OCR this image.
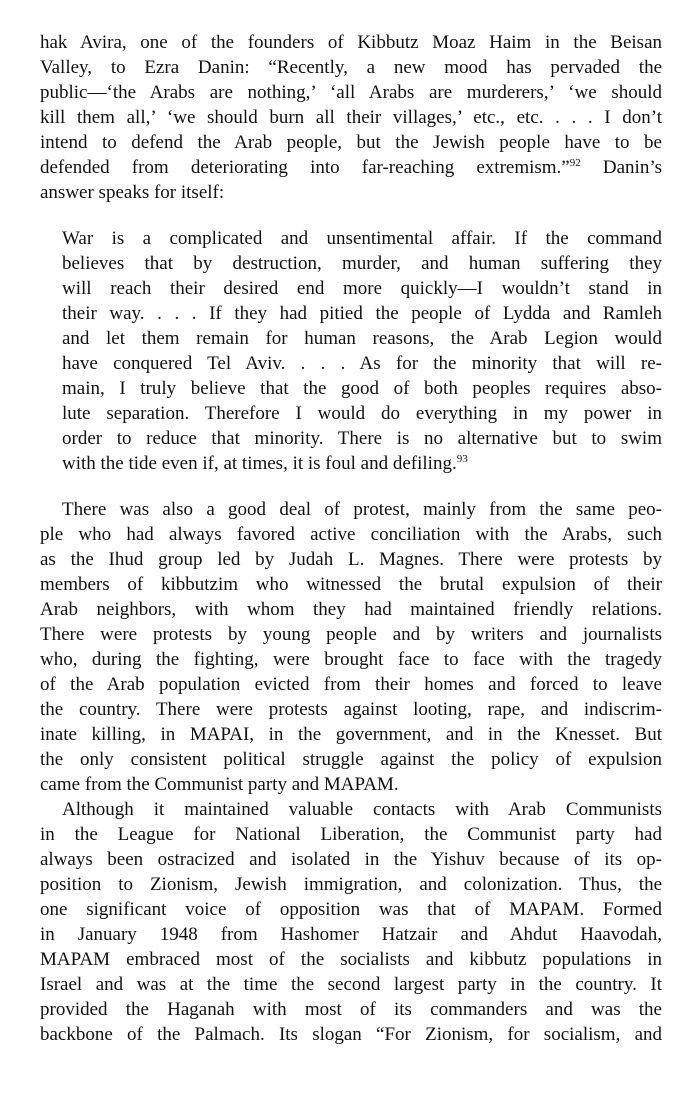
hak Avira, one of the founders of Kibbutz Moaz Haim in the Beisan
Valley, to Ezra Danin: “Recently, a new mood has pervaded the
public—‘the Arabs are nothing,’ ‘all Arabs are murderers,’ ‘we should
kill them all,’ ‘we should burn all their villages,’ etc., etc. . . . I don’t
intend to defend the Arab people, but the Jewish people have to be
defended from deteriorating into far-reaching extremism.”$^{92}$ Danin’s
answer speaks for itself:
War is a complicated and unsentimental affair. If the command
believes that by destruction, murder, and human suffering they
will reach their desired end more quickly—I wouldn’t stand in
their way. . . . If they had pitied the people of Lydda and Ramleh
and let them remain for human reasons, the Arab Legion would
have conquered Tel Aviv. . . . As for the minority that will re-
main, I truly believe that the good of both peoples requires abso-
lute separation. Therefore I would do everything in my power in
order to reduce that minority. There is no alternative but to swim
with the tide even if, at times, it is foul and defiling.$^{93}$
There was also a good deal of protest, mainly from the same peo-
ple who had always favored active conciliation with the Arabs, such
as the Ihud group led by Judah L. Magnes. There were protests by
members of kibbutzim who witnessed the brutal expulsion of their
Arab neighbors, with whom they had maintained friendly relations.
There were protests by young people and by writers and journalists
who, during the fighting, were brought face to face with the tragedy
of the Arab population evicted from their homes and forced to leave
the country. There were protests against looting, rape, and indiscrim-
inate killing, in MAPAI, in the government, and in the Knesset. But
the only consistent political struggle against the policy of expulsion
came from the Communist party and MAPAM.
Although it maintained valuable contacts with Arab Communists
in the League for National Liberation, the Communist party had
always been ostracized and isolated in the Yishuv because of its op-
position to Zionism, Jewish immigration, and colonization. Thus, the
one significant voice of opposition was that of MAPAM. Formed
in January 1948 from Hashomer Hatzair and Ahdut Haavodah,
MAPAM embraced most of the socialists and kibbutz populations in
Israel and was at the time the second largest party in the country. It
provided the Haganah with most of its commanders and was the
backbone of the Palmach. Its slogan “For Zionism, for socialism, and
